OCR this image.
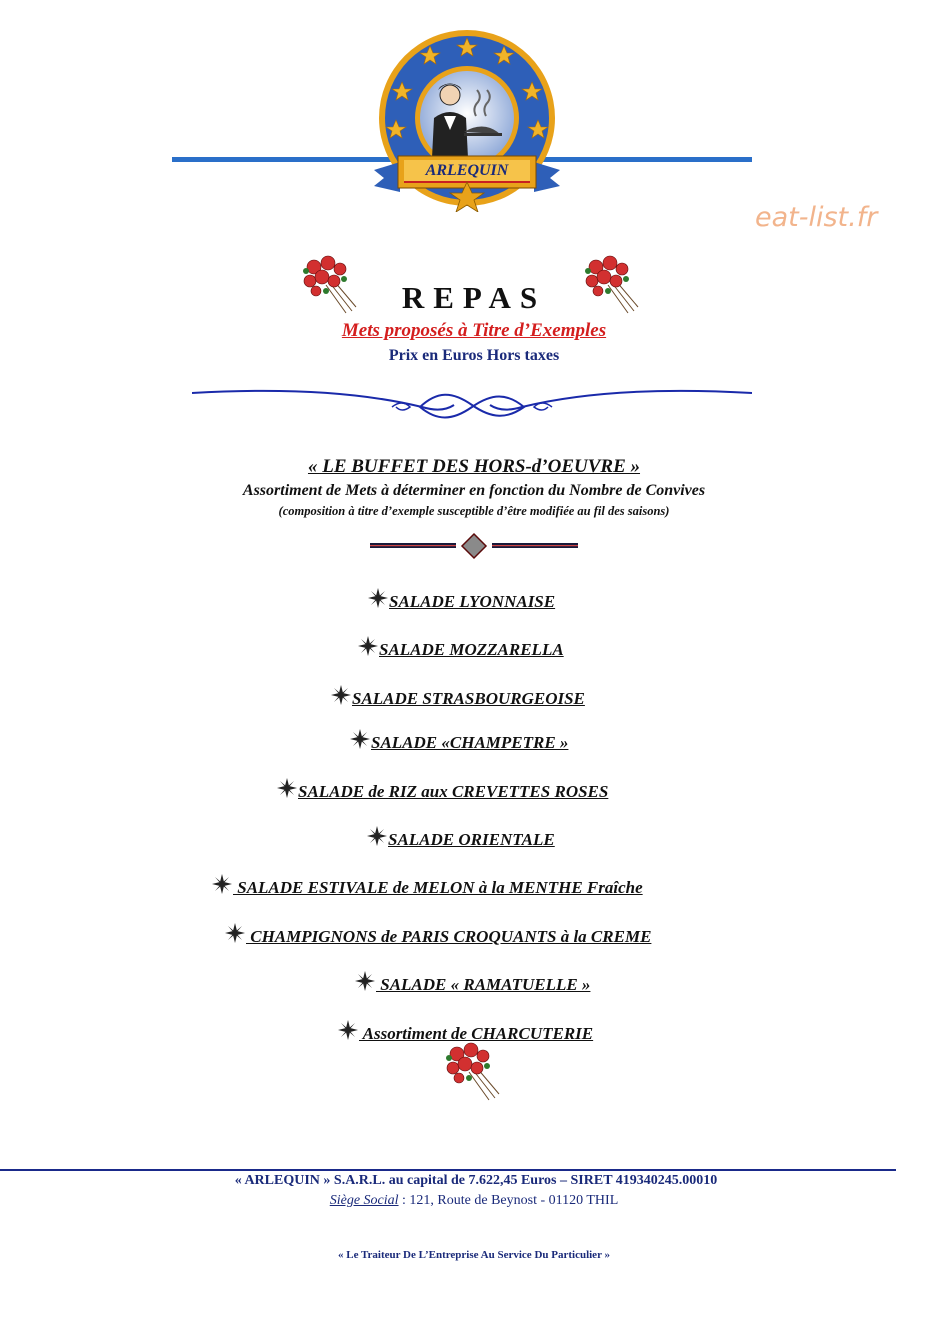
ARLEQUIN
eat-list.fr
REPAS
Mets proposés à Titre d’Exemples
Prix en Euros Hors taxes
« LE BUFFET DES HORS-d’OEUVRE »
Assortiment de Mets à déterminer en fonction du Nombre de Convives
(composition à titre d’exemple susceptible d’être modifiée au fil des saisons)
SALADE LYONNAISE
SALADE MOZZARELLA
SALADE STRASBOURGEOISE
SALADE «CHAMPETRE »
SALADE de RIZ aux CREVETTES ROSES
SALADE ORIENTALE
SALADE ESTIVALE de MELON à la MENTHE Fraîche
CHAMPIGNONS de PARIS CROQUANTS à la CREME
SALADE « RAMATUELLE »
Assortiment de CHARCUTERIE
« ARLEQUIN » S.A.R.L. au capital de 7.622,45 Euros – SIRET 419340245.00010
Siège Social : 121, Route de Beynost - 01120 THIL
« Le Traiteur De L’Entreprise Au Service Du Particulier »
